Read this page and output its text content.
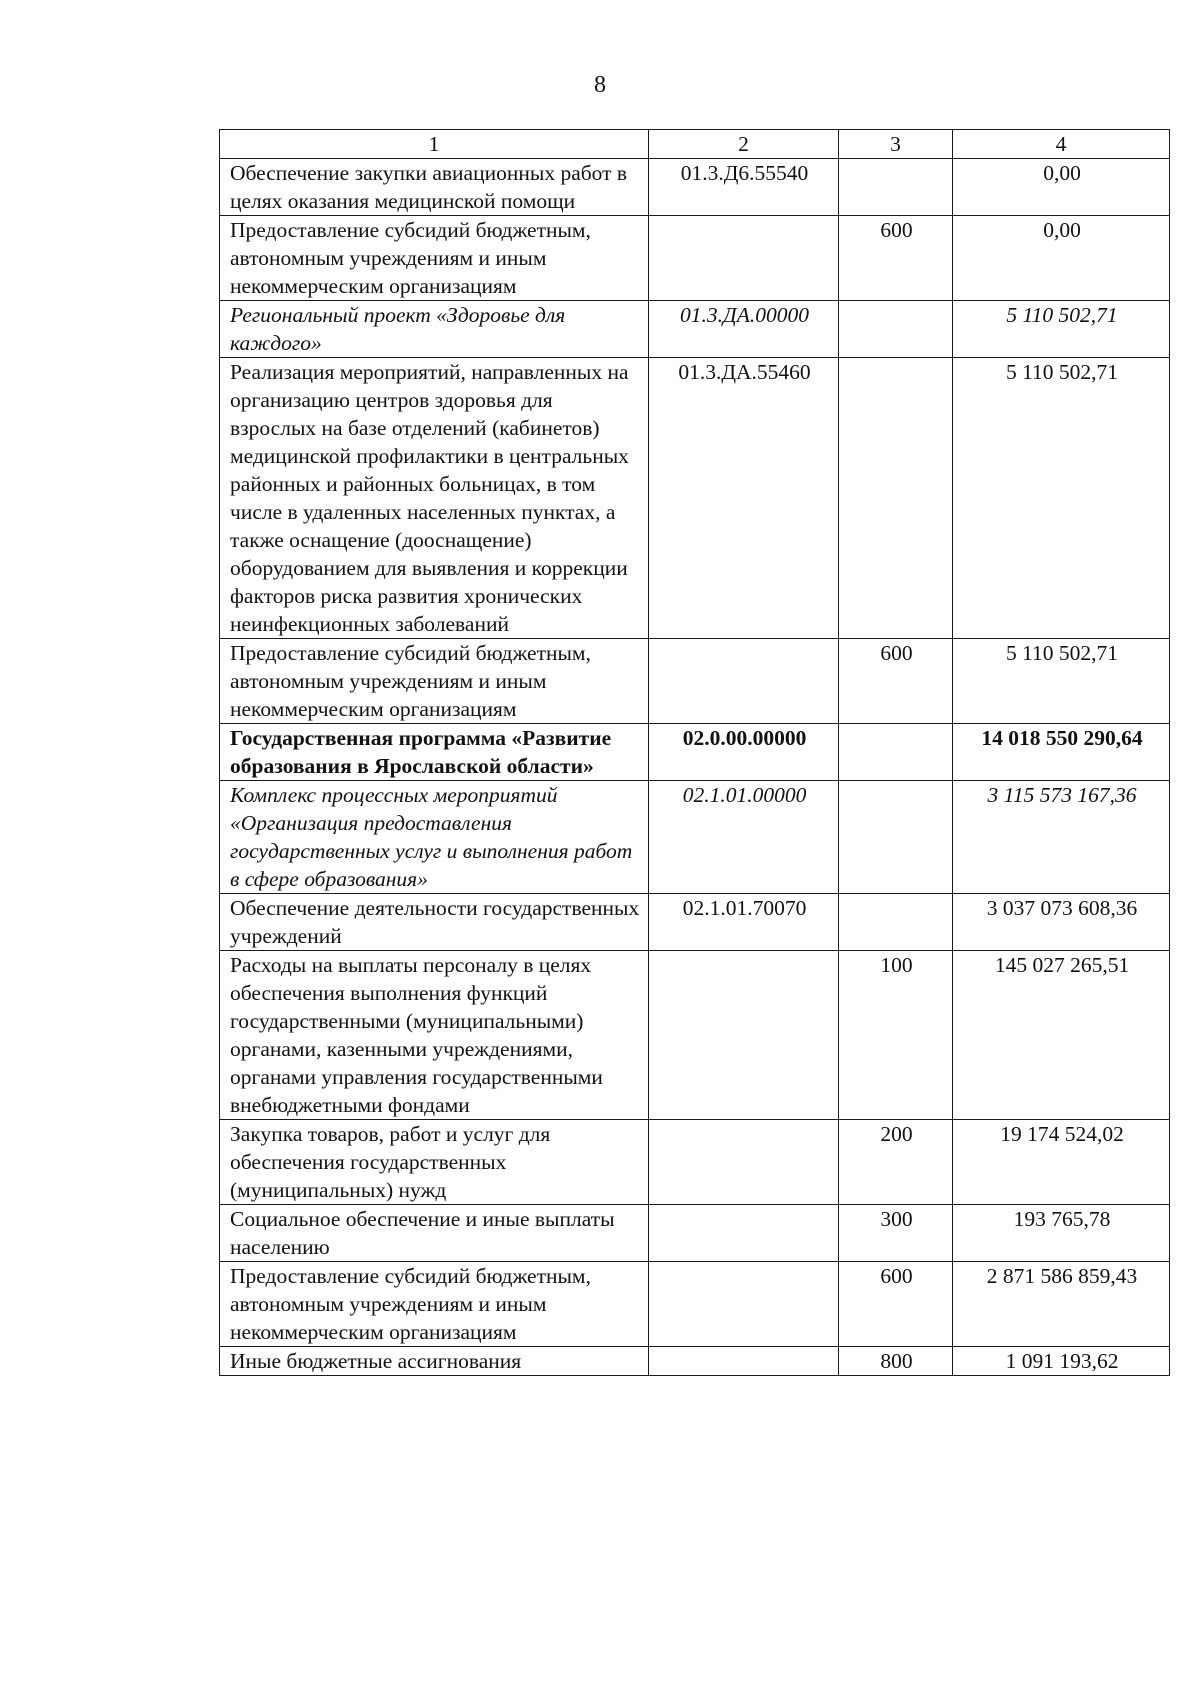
8
1	2	3	4
Обеспечение закупки авиационных работ в целях оказания медицинской помощи	01.3.Д6.55540		0,00
Предоставление субсидий бюджетным, автономным учреждениям и иным некоммерческим организациям		600	0,00
Региональный проект «Здоровье для каждого»	01.3.ДА.00000		5 110 502,71
Реализация мероприятий, направленных на организацию центров здоровья для взрослых на базе отделений (кабинетов) медицинской профилактики в центральных районных и районных больницах, в том числе в удаленных населенных пунктах, а также оснащение (дооснащение) оборудованием для выявления и коррекции факторов риска развития хронических неинфекционных заболеваний	01.3.ДА.55460		5 110 502,71
Предоставление субсидий бюджетным, автономным учреждениям и иным некоммерческим организациям		600	5 110 502,71
Государственная программа «Развитие образования в Ярославской области»	02.0.00.00000		14 018 550 290,64
Комплекс процессных мероприятий «Организация предоставления государственных услуг и выполнения работ в сфере образования»	02.1.01.00000		3 115 573 167,36
Обеспечение деятельности государственных учреждений	02.1.01.70070		3 037 073 608,36
Расходы на выплаты персоналу в целях обеспечения выполнения функций государственными (муниципальными) органами, казенными учреждениями, органами управления государственными внебюджетными фондами		100	145 027 265,51
Закупка товаров, работ и услуг для обеспечения государственных (муниципальных) нужд		200	19 174 524,02
Социальное обеспечение и иные выплаты населению		300	193 765,78
Предоставление субсидий бюджетным, автономным учреждениям и иным некоммерческим организациям		600	2 871 586 859,43
Иные бюджетные ассигнования		800	1 091 193,62
